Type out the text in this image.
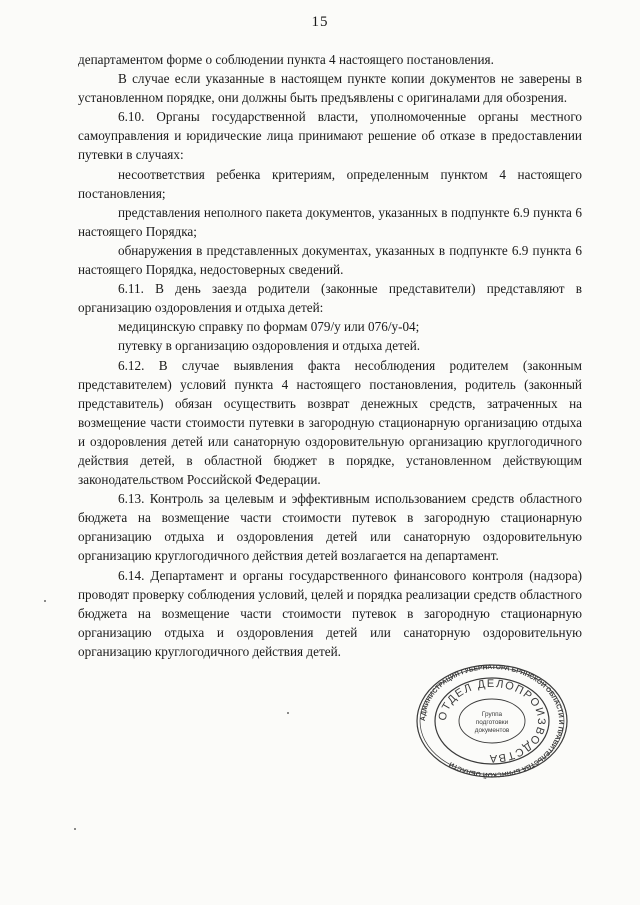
15

департаментом форме о соблюдении пункта 4 настоящего постановления.

В случае если указанные в настоящем пункте копии документов не заверены в установленном порядке, они должны быть предъявлены с оригиналами для обозрения.

6.10. Органы государственной власти, уполномоченные органы местного самоуправления и юридические лица принимают решение об отказе в предоставлении путевки в случаях:

несоответствия ребенка критериям, определенным пунктом 4 настоящего постановления;

представления неполного пакета документов, указанных в подпункте 6.9 пункта 6 настоящего Порядка;

обнаружения в представленных документах, указанных в подпункте 6.9 пункта 6 настоящего Порядка, недостоверных сведений.

6.11. В день заезда родители (законные представители) представляют в организацию оздоровления и отдыха детей:

медицинскую справку по формам 079/у или 076/у-04;

путевку в организацию оздоровления и отдыха детей.

6.12. В случае выявления факта несоблюдения родителем (законным представителем) условий пункта 4 настоящего постановления, родитель (законный представитель) обязан осуществить возврат денежных средств, затраченных на возмещение части стоимости путевки в загородную стационарную организацию отдыха и оздоровления детей или санаторную оздоровительную организацию круглогодичного действия детей, в областной бюджет в порядке, установленном действующим законодательством Российской Федерации.

6.13. Контроль за целевым и эффективным использованием средств областного бюджета на возмещение части стоимости путевок в загородную стационарную организацию отдыха и оздоровления детей или санаторную оздоровительную организацию круглогодичного действия детей возлагается на департамент.

6.14. Департамент и органы государственного финансового контроля (надзора) проводят проверку соблюдения условий, целей и порядка реализации средств областного бюджета на возмещение части стоимости путевок в загородную стационарную организацию отдыха и оздоровления детей или санаторную оздоровительную организацию круглогодичного действия детей.

АДМИНИСТРАЦИЯ ГУБЕРНАТОРА БРЯНСКОЙ ОБЛАСТИ И ПРАВИТЕЛЬСТВА БРЯНСКОЙ ОБЛАСТИ
ОТДЕЛ ДЕЛОПРОИЗВОДСТВА
Группа
подготовки
документов
